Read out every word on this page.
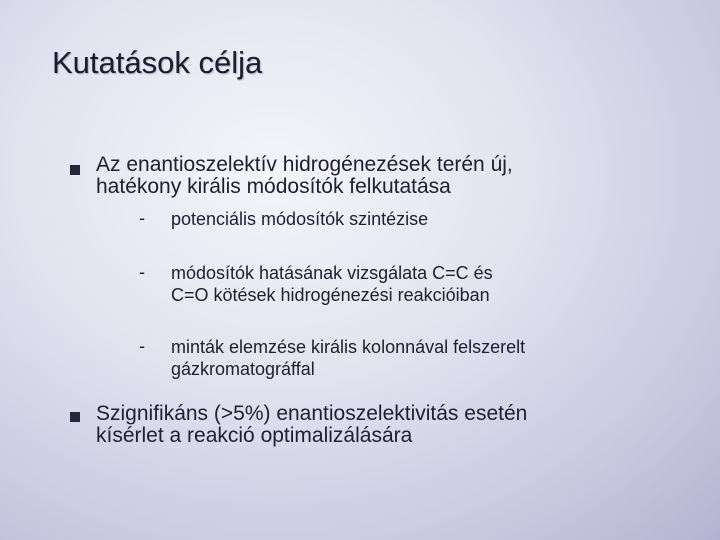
Kutatások célja
Az enantioszelektív hidrogénezések terén új,
hatékony királis módosítók felkutatása
- potenciális módosítók szintézise
- módosítók hatásának vizsgálata C=C és
C=O kötések hidrogénezési reakcióiban
- minták elemzése királis kolonnával felszerelt
gázkromatográffal
Szignifikáns (>5%) enantioszelektivitás esetén
kísérlet a reakció optimalizálására
